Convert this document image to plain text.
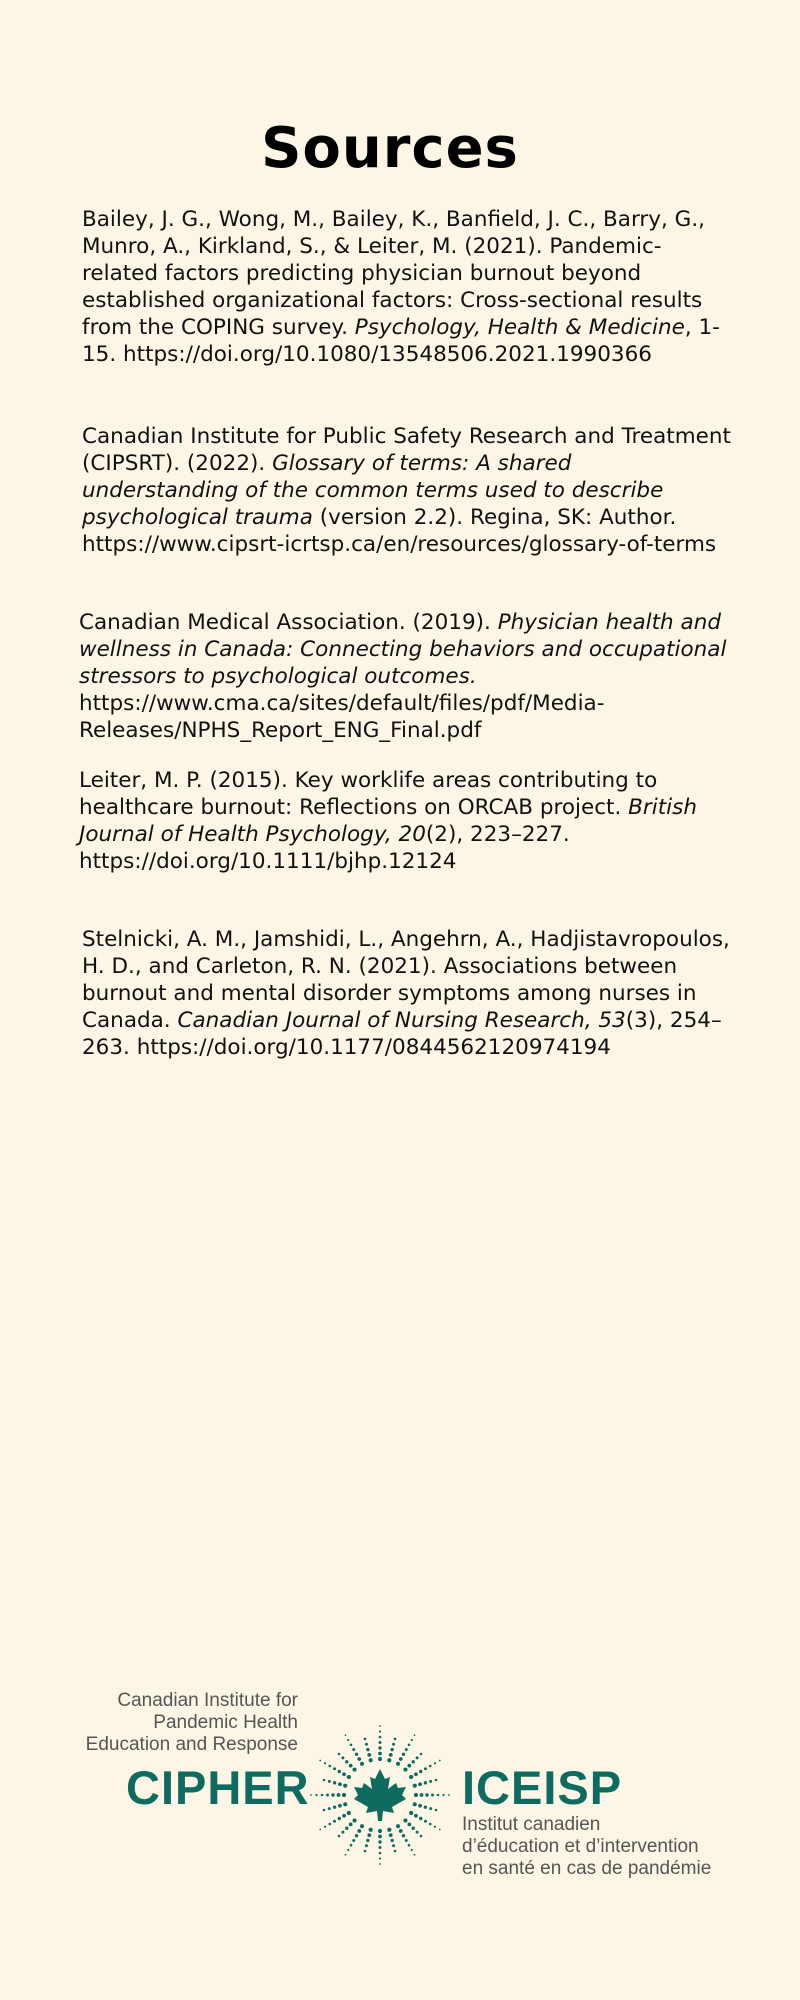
Sources
Bailey, J. G., Wong, M., Bailey, K., Banfield, J. C., Barry, G., Munro, A., Kirkland, S., & Leiter, M. (2021). Pandemic-related factors predicting physician burnout beyond established organizational factors: Cross-sectional results from the COPING survey. Psychology, Health & Medicine, 1-15. https://doi.org/10.1080/13548506.2021.1990366
Canadian Institute for Public Safety Research and Treatment (CIPSRT). (2022). Glossary of terms: A shared understanding of the common terms used to describe psychological trauma (version 2.2). Regina, SK: Author. https://www.cipsrt-icrtsp.ca/en/resources/glossary-of-terms
Canadian Medical Association. (2019). Physician health and wellness in Canada: Connecting behaviors and occupational stressors to psychological outcomes. https://www.cma.ca/sites/default/files/pdf/Media-Releases/NPHS_Report_ENG_Final.pdf
Leiter, M. P. (2015). Key worklife areas contributing to healthcare burnout: Reflections on ORCAB project. British Journal of Health Psychology, 20(2), 223–227. https://doi.org/10.1111/bjhp.12124
Stelnicki, A. M., Jamshidi, L., Angehrn, A., Hadjistavropoulos, H. D., and Carleton, R. N. (2021). Associations between burnout and mental disorder symptoms among nurses in Canada. Canadian Journal of Nursing Research, 53(3), 254–263. https://doi.org/10.1177/0844562120974194
Canadian Institute for
Pandemic Health
Education and Response
CIPHER	ICEISP
Institut canadien
d’éducation et d’intervention
en santé en cas de pandémie
